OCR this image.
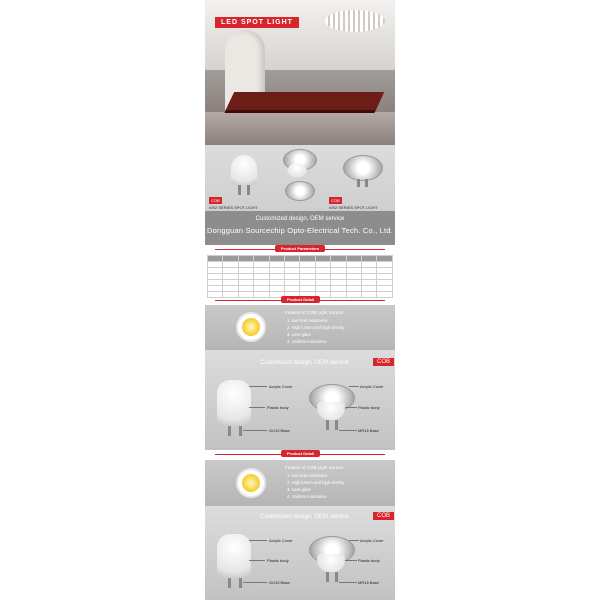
LED SPOT LIGHT
COB
W02 SERIES SPOT LIGHT
COB
W02 SERIES SPOT LIGHT
Customized design, OEM service
Dongguan Sourcechip Opto-Electrical Tech. Co., Ltd.
Product Parameters

Product Detail
Feature of COB Light Source:
1. low heat resistance
2. High lumen and high density
3. Less glare
4. Uniform luminance
Customized design, OEM service	COB
Acrylic Cover
Plastic body
GU10 Base
Acrylic Cover
Plastic body
MR16 Base
Product Detail
Feature of COB Light Source:
1. low heat resistance
2. High lumen and high density
3. Less glare
4. Uniform luminance
Customized design, OEM service	COB
Acrylic Cover
Plastic body
GU10 Base
Acrylic Cover
Plastic body
MR16 Base
